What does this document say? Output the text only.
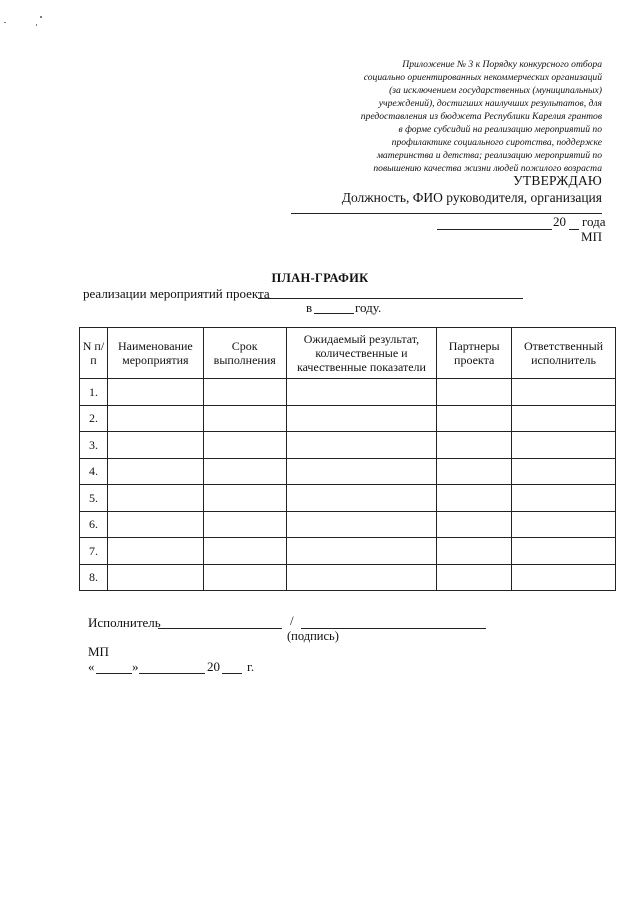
Приложение № 3 к Порядку конкурсного отбора
социально ориентированных некоммерческих организаций
(за исключением государственных (муниципальных)
учреждений), достигших наилучших результатов, для
предоставления из бюджета Республики Карелия грантов
в форме субсидий на реализацию мероприятий по
профилактике социального сиротства, поддержке
материнства и детства; реализацию мероприятий по
повышению качества жизни людей пожилого возраста
УТВЕРЖДАЮ
Должность, ФИО руководителя, организация
20 года
МП
ПЛАН-ГРАФИК
реализации мероприятий проекта
в	году.
N п/п	Наименование мероприятия	Срок выполнения	Ожидаемый результат, количественные и качественные показатели	Партнеры проекта	Ответственный исполнитель
1.					
2.					
3.					
4.					
5.					
6.					
7.					
8.					
Исполнитель	/
(подпись)
МП
«	»	20 г.
